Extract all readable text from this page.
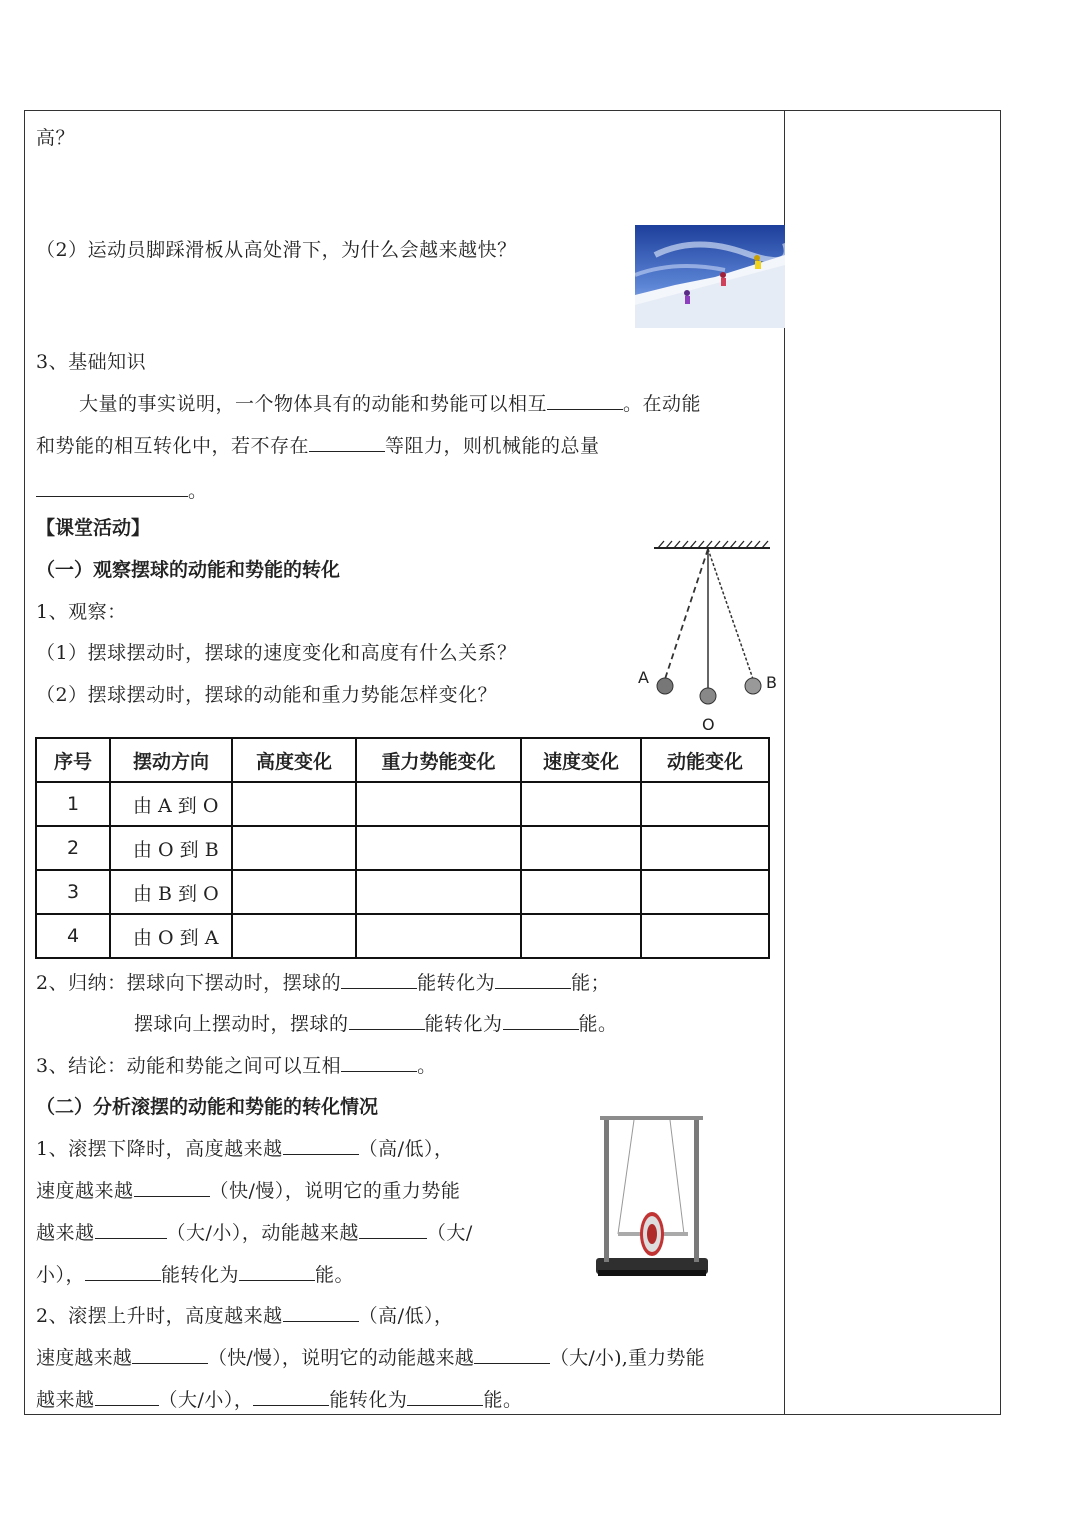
高？
（2）运动员脚踩滑板从高处滑下，为什么会越来越快？
3、基础知识
大量的事实说明，一个物体具有的动能和势能可以相互	。在动能
和势能的相互转化中，若不存在	等阻力，则机械能的总量
。
【课堂活动】
（一）观察摆球的动能和势能的转化
1、观察：
（1）摆球摆动时，摆球的速度变化和高度有什么关系？
（2）摆球摆动时，摆球的动能和重力势能怎样变化？
A	B
O
序号	摆动方向	高度变化	重力势能变化	速度变化	动能变化
1	由 A 到 O				
2	由 O 到 B				
3	由 B 到 O				
4	由 O 到 A				
2、归纳：摆球向下摆动时，摆球的	能转化为	能；
摆球向上摆动时，摆球的	能转化为	能。
3、结论：动能和势能之间可以互相	。
（二）分析滚摆的动能和势能的转化情况
1、滚摆下降时，高度越来越	（高/低），
速度越来越	（快/慢），说明它的重力势能
越来越	（大/小），动能越来越	（大/
小），	能转化为	能。
2、滚摆上升时，高度越来越	（高/低），
速度越来越	（快/慢），说明它的动能越来越	（大/小),重力势能
越来越	（大/小），	能转化为	能。
